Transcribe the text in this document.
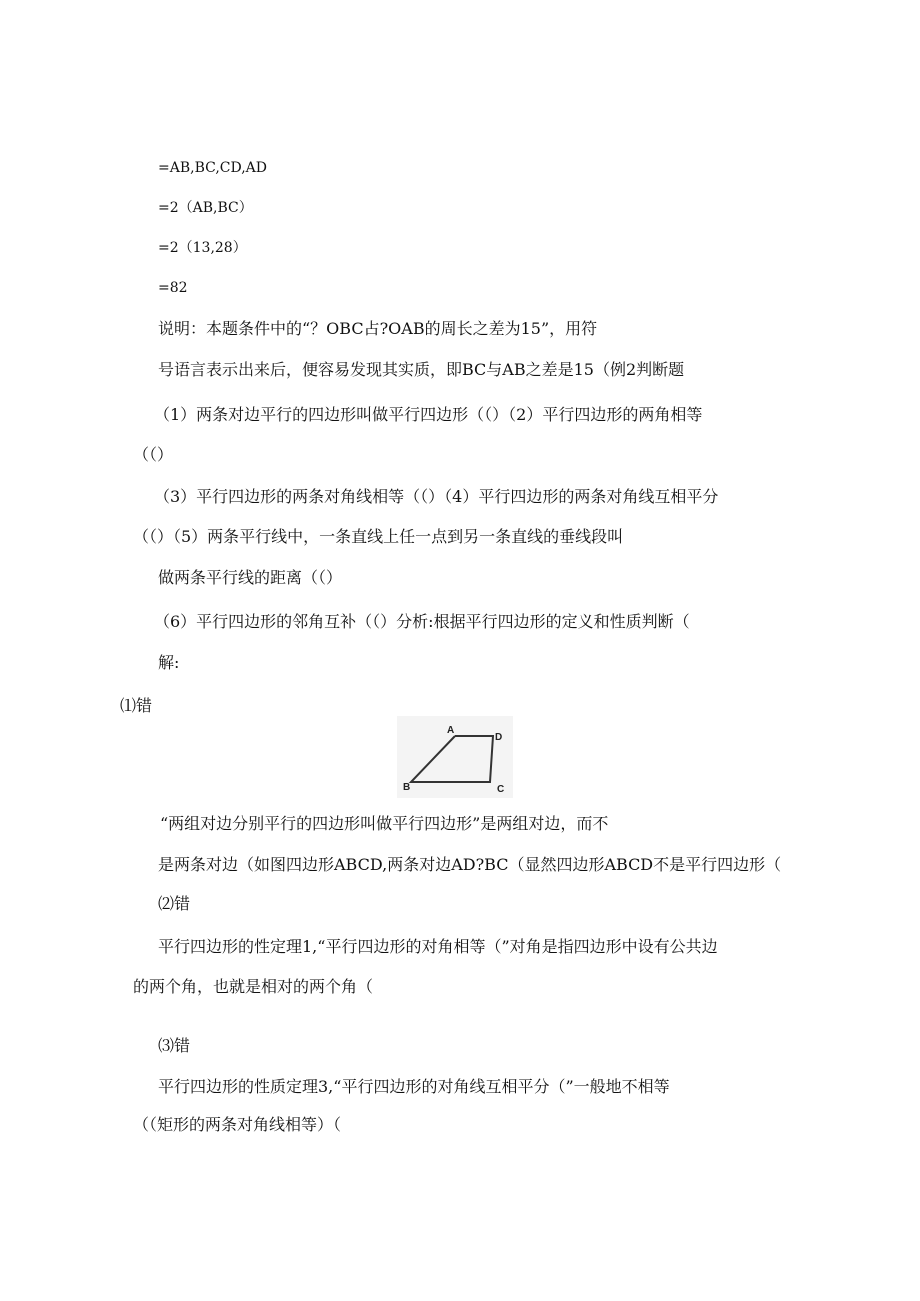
=AB,BC,CD,AD

=2（AB,BC）

=2（13,28）

=82

说明：本题条件中的“？OBC占?OAB的周长之差为15”，用符

号语言表示出来后，便容易发现其实质，即BC与AB之差是15（例2判断题

（1）两条对边平行的四边形叫做平行四边形（（）（2）平行四边形的两角相等

（（）

（3）平行四边形的两条对角线相等（（）（4）平行四边形的两条对角线互相平分

（（）（5）两条平行线中，一条直线上任一点到另一条直线的垂线段叫

做两条平行线的距离（（）

（6）平行四边形的邻角互补（（）分析:根据平行四边形的定义和性质判断（

解:

⑴错

A
D
B	C

“两组对边分别平行的四边形叫做平行四边形”是两组对边，而不

是两条对边（如图四边形ABCD,两条对边AD?BC（显然四边形ABCD不是平行四边形（

⑵错

平行四边形的性定理1,“平行四边形的对角相等（”对角是指四边形中设有公共边

的两个角，也就是相对的两个角（

⑶错

平行四边形的性质定理3,“平行四边形的对角线互相平分（”一般地不相等

（（矩形的两条对角线相等）（
